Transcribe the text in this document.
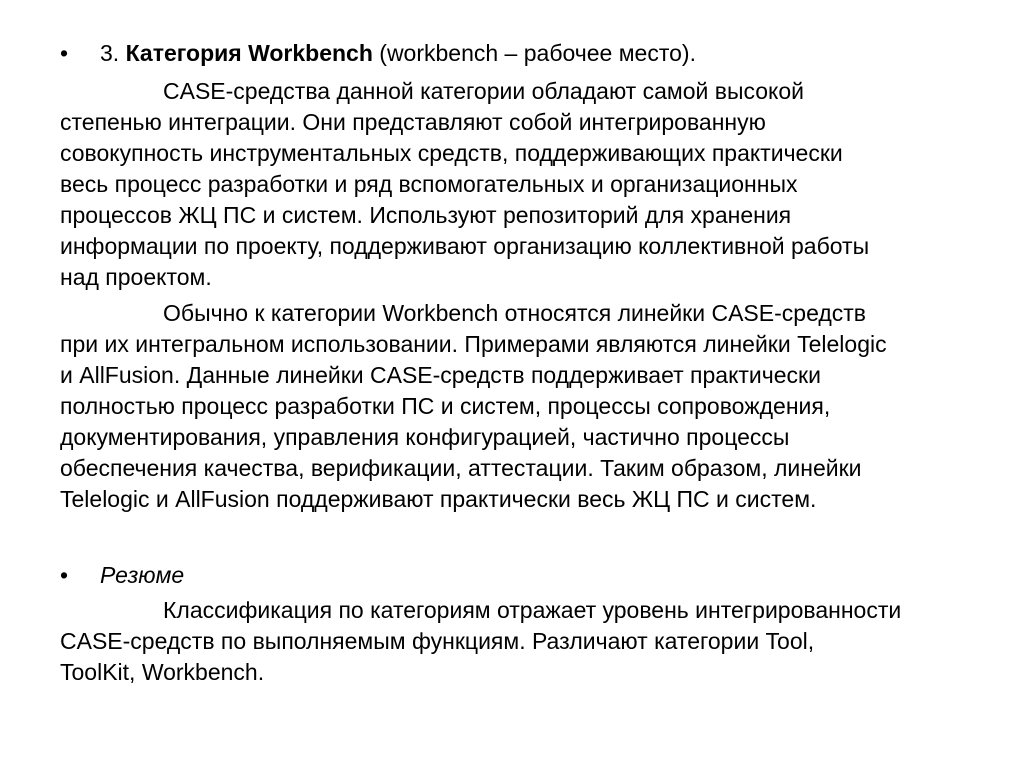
• 3. Категория Workbench (workbench – рабочее место).
CASE-средства данной категории обладают самой высокой
степенью интеграции. Они представляют собой интегрированную
совокупность инструментальных средств, поддерживающих практически
весь процесс разработки и ряд вспомогательных и организационных
процессов ЖЦ ПС и систем. Используют репозиторий для хранения
информации по проекту, поддерживают организацию коллективной работы
над проектом.
Обычно к категории Workbench относятся линейки CASE-средств
при их интегральном использовании. Примерами являются линейки Telelogic
и AllFusion. Данные линейки CASE-средств поддерживает практически
полностью процесс разработки ПС и систем, процессы сопровождения,
документирования, управления конфигурацией, частично процессы
обеспечения качества, верификации, аттестации. Таким образом, линейки
Telelogic и AllFusion поддерживают практически весь ЖЦ ПС и систем.
• Резюме
Классификация по категориям отражает уровень интегрированности
CASE-средств по выполняемым функциям. Различают категории Tool,
ToolKit, Workbench.
